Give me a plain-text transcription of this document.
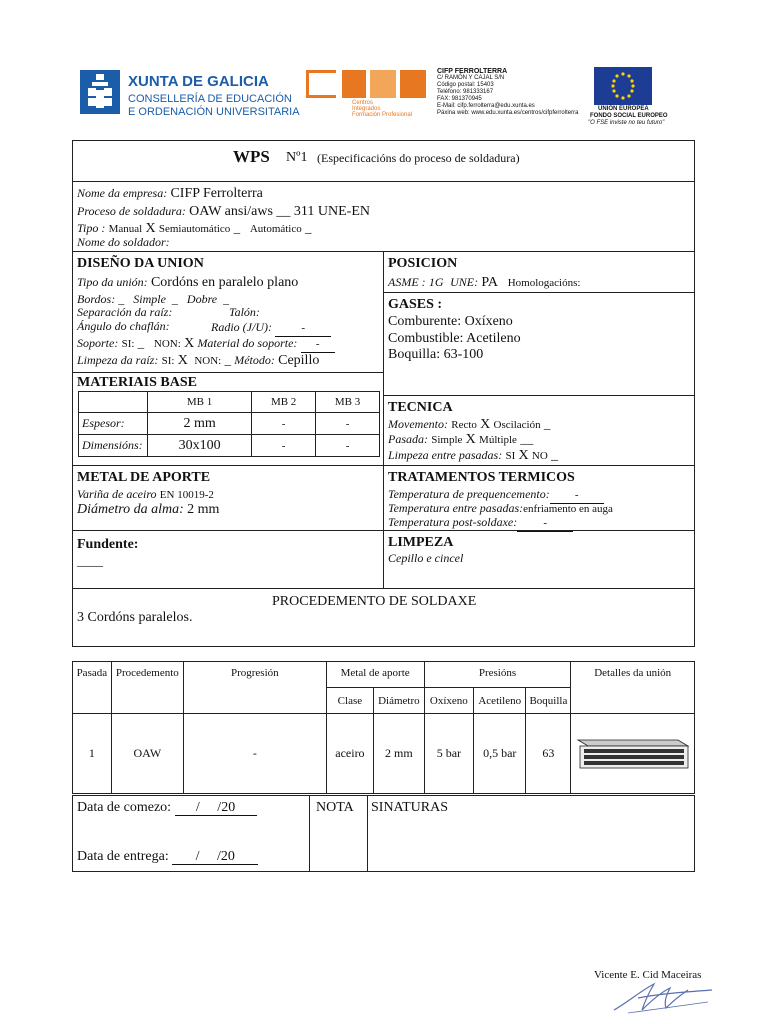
XUNTA DE GALICIA
CONSELLERÍA DE EDUCACIÓN
E ORDENACIÓN UNIVERSITARIA
Centros
Integrados
Formación Profesional
CIFP FERROLTERRA
C/ RAMÓN Y CAJAL S/N
Código postal: 15403
Teléfono: 981333167
FAX: 981370945
E-Mail: cifp.ferrolterra@edu.xunta.es
Páxina web: www.edu.xunta.es/centros/cifpferrolterra
UNIÓN EUROPEA
FONDO SOCIAL EUROPEO
"O FSE inviste no teu futuro"
WPS Nº1 (Especificacións do proceso de soldadura)
Nome da empresa: CIFP Ferrolterra
Proceso de soldadura: OAW ansi/aws __ 311 UNE-EN
Tipo : Manual X Semiautomático _ Automático _
Nome do soldador:
DISEÑO DA UNION
Tipo da unión: Cordóns en paralelo plano
Bordos: _ Simple _ Dobre _
Separación da raíz:	Talón:
Ángulo do chaflán:	Radio (J/U):	-
Soporte: SI: _ NON: X Material do soporte: -
Limpeza da raíz: SI: X NON: _ Método: Cepillo
POSICION
ASME : 1G UNE: PA Homologacións:
GASES :
Comburente: Oxíxeno
Combustible: Acetileno
Boquilla: 63-100
MATERIAIS BASE
	MB 1	MB 2	MB 3
Espesor:	2 mm	-	-
Dimensións:	30x100	-	-
TECNICA
Movemento: Recto X Oscilación _
Pasada: Simple X Múltiple __
Limpeza entre pasadas: SI X NO _
METAL DE APORTE
Variña de aceiro EN 10019-2
Diámetro da alma: 2 mm
TRATAMENTOS TERMICOS
Temperatura de prequencemento: -
Temperatura entre pasadas:enfriamento en auga
Temperatura post-soldaxe: -
Fundente:
____
LIMPEZA
Cepillo e cincel
PROCEDEMENTO DE SOLDAXE
3 Cordóns paralelos.
Pasada	Procedemento	Progresión	Metal de aporte		Presións			Detalles da unión
			Clase	Diámetro	Oxíxeno	Acetileno	Boquilla	
1	OAW	-	aceiro	2 mm	5 bar	0,5 bar	63	
Data de comezo: / /20
Data de entrega: / /20
NOTA SINATURAS
Vicente E. Cid Maceiras
